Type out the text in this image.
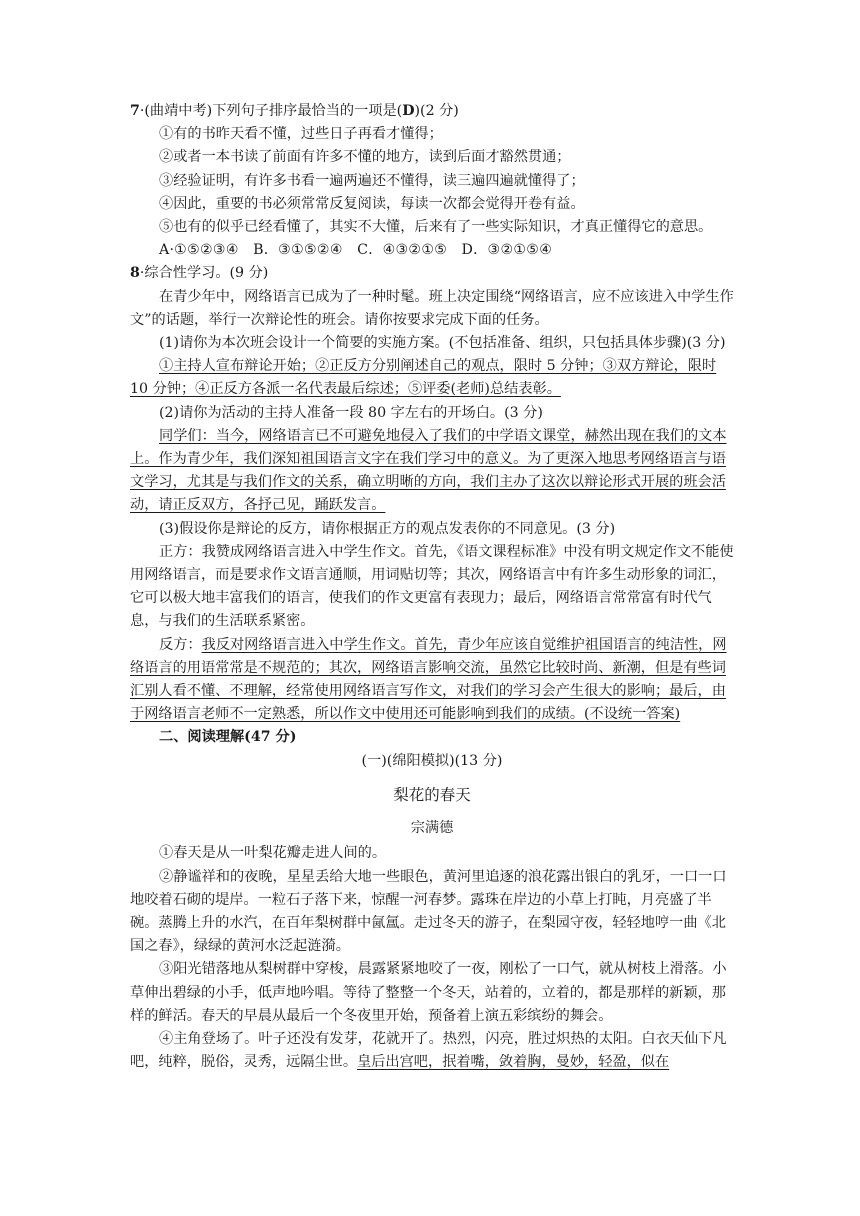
7·(曲靖中考)下列句子排序最恰当的一项是(D)(2 分)

①有的书昨天看不懂，过些日子再看才懂得；

②或者一本书读了前面有许多不懂的地方，读到后面才豁然贯通；

③经验证明，有许多书看一遍两遍还不懂得，读三遍四遍就懂得了；

④因此，重要的书必须常常反复阅读，每读一次都会觉得开卷有益。

⑤也有的似乎已经看懂了，其实不大懂，后来有了一些实际知识，才真正懂得它的意思。

A·①⑤②③④　B．③①⑤②④　C．④③②①⑤　D．③②①⑤④

8·综合性学习。(9 分)

在青少年中，网络语言已成为了一种时髦。班上决定围绕“网络语言，应不应该进入中学生作文”的话题，举行一次辩论性的班会。请你按要求完成下面的任务。

(1)请你为本次班会设计一个简要的实施方案。(不包括准备、组织，只包括具体步骤)(3 分)

①主持人宣布辩论开始；②正反方分别阐述自己的观点，限时 5 分钟；③双方辩论，限时 10 分钟；④正反方各派一名代表最后综述；⑤评委(老师)总结表彰。

(2)请你为活动的主持人准备一段 80 字左右的开场白。(3 分)

同学们：当今，网络语言已不可避免地侵入了我们的中学语文课堂，赫然出现在我们的文本上。作为青少年，我们深知祖国语言文字在我们学习中的意义。为了更深入地思考网络语言与语文学习，尤其是与我们作文的关系，确立明晰的方向，我们主办了这次以辩论形式开展的班会活动，请正反双方，各抒己见，踊跃发言。

(3)假设你是辩论的反方，请你根据正方的观点发表你的不同意见。(3 分)

正方：我赞成网络语言进入中学生作文。首先，《语文课程标准》中没有明文规定作文不能使用网络语言，而是要求作文语言通顺，用词贴切等；其次，网络语言中有许多生动形象的词汇，它可以极大地丰富我们的语言，使我们的作文更富有表现力；最后，网络语言常常富有时代气息，与我们的生活联系紧密。

反方：我反对网络语言进入中学生作文。首先，青少年应该自觉维护祖国语言的纯洁性，网络语言的用语常常是不规范的；其次，网络语言影响交流，虽然它比较时尚、新潮，但是有些词汇别人看不懂、不理解，经常使用网络语言写作文，对我们的学习会产生很大的影响；最后，由于网络语言老师不一定熟悉，所以作文中使用还可能影响到我们的成绩。(不设统一答案)

二、阅读理解(47 分)

(一)(绵阳模拟)(13 分)

梨花的春天

宗满德

①春天是从一叶梨花瓣走进人间的。

②静谧祥和的夜晚，星星丢给大地一些眼色，黄河里追逐的浪花露出银白的乳牙，一口一口地咬着石砌的堤岸。一粒石子落下来，惊醒一河春梦。露珠在岸边的小草上打盹，月亮盛了半碗。蒸腾上升的水汽，在百年梨树群中氤氲。走过冬天的游子，在梨园守夜，轻轻地哼一曲《北国之春》，绿绿的黄河水泛起涟漪。

③阳光错落地从梨树群中穿梭，晨露紧紧地咬了一夜，刚松了一口气，就从树枝上滑落。小草伸出碧绿的小手，低声地吟唱。等待了整整一个冬天，站着的，立着的，都是那样的新颖，那样的鲜活。春天的早晨从最后一个冬夜里开始，预备着上演五彩缤纷的舞会。

④主角登场了。叶子还没有发芽，花就开了。热烈，闪亮，胜过炽热的太阳。白衣天仙下凡吧，纯粹，脱俗，灵秀，远隔尘世。皇后出宫吧，抿着嘴，敛着胸，曼妙，轻盈，似在
